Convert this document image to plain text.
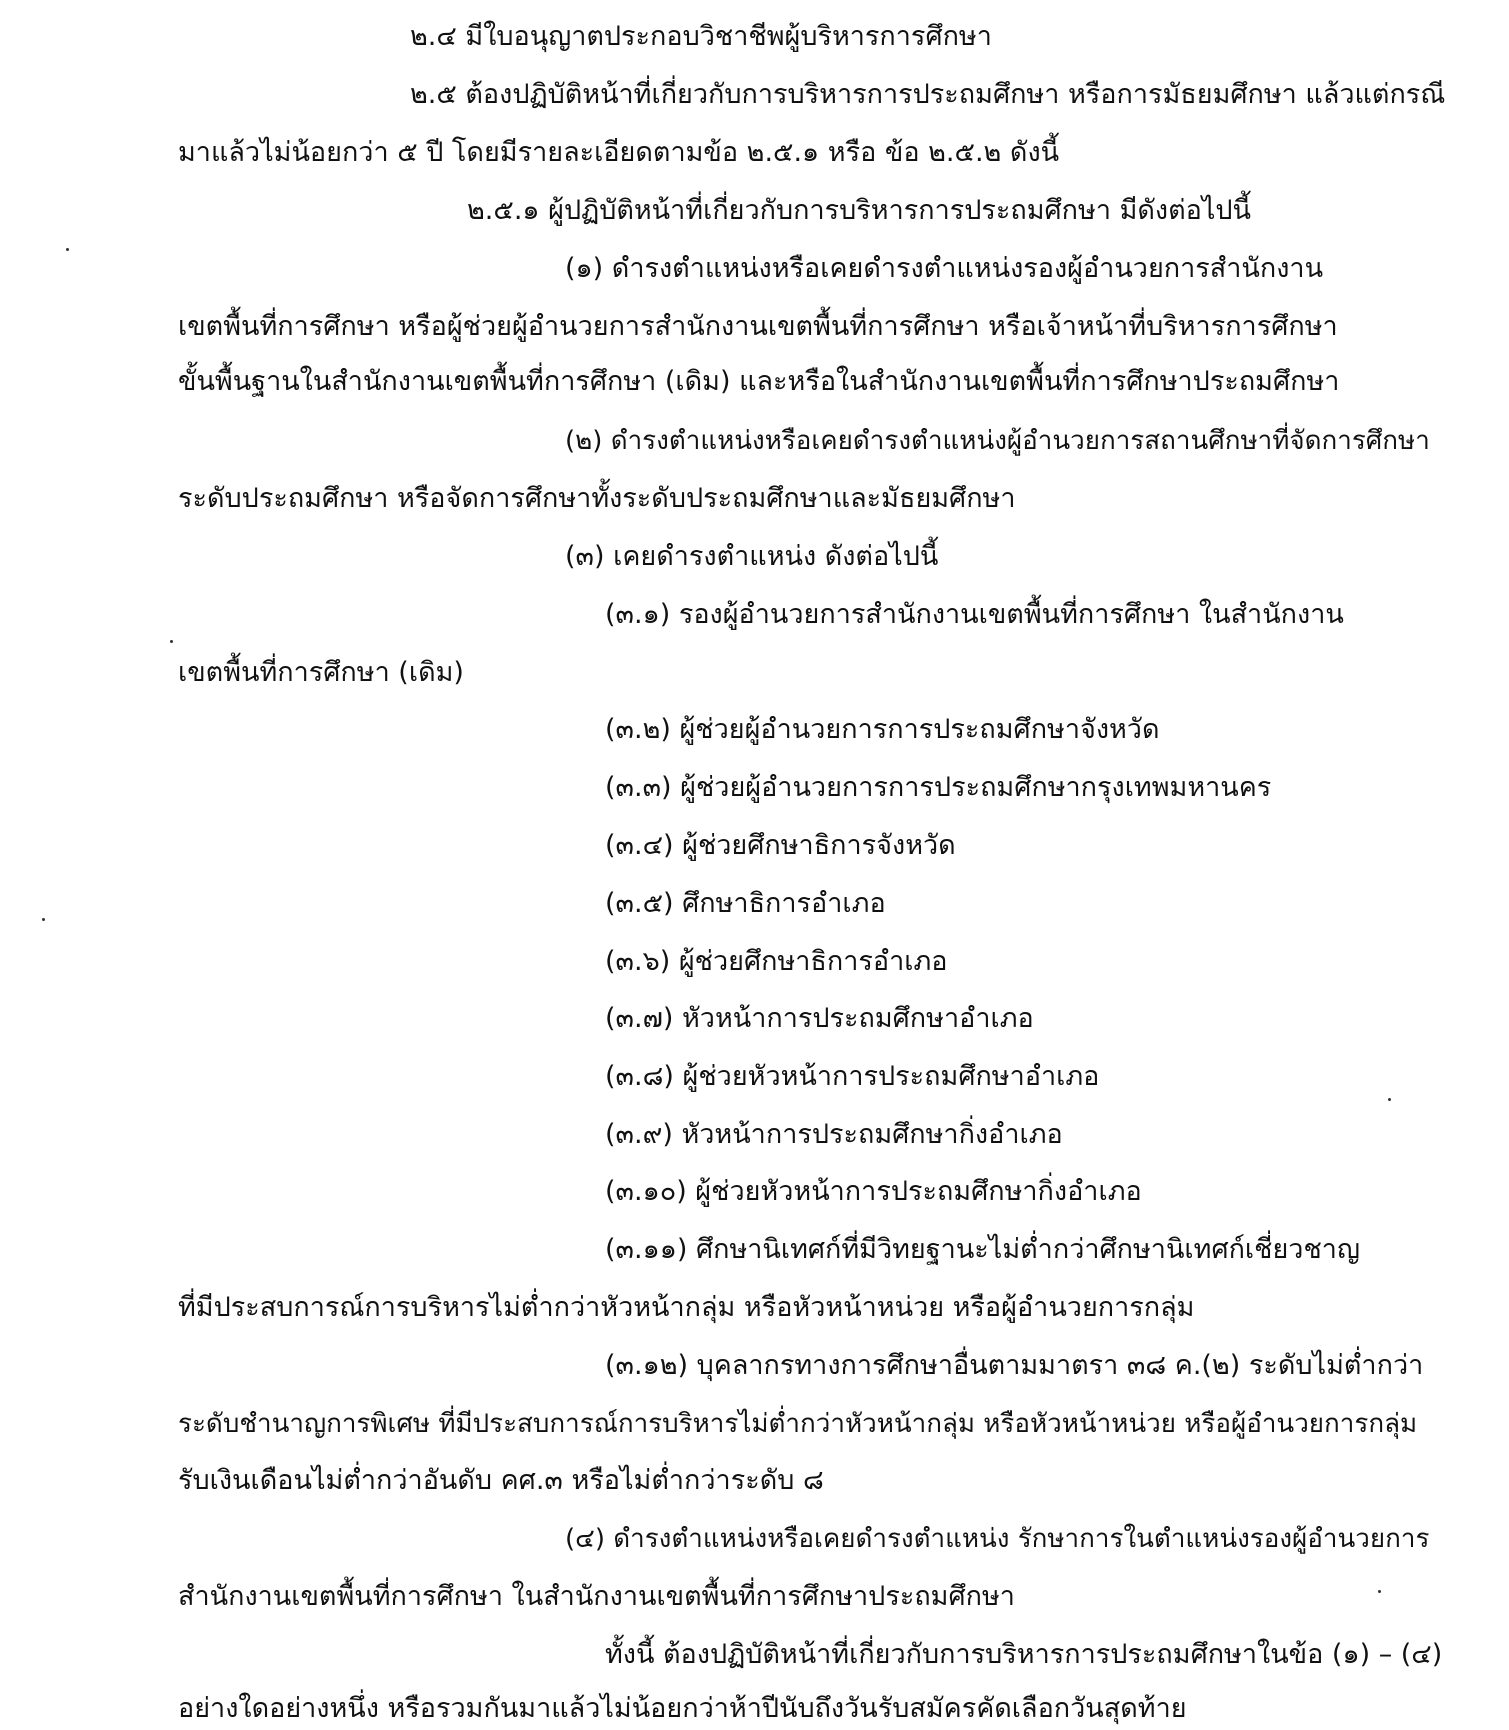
๒.๔ มีใบอนุญาตประกอบวิชาชีพผู้บริหารการศึกษา
๒.๕ ต้องปฏิบัติหน้าที่เกี่ยวกับการบริหารการประถมศึกษา หรือการมัธยมศึกษา แล้วแต่กรณี
มาแล้วไม่น้อยกว่า ๕ ปี โดยมีรายละเอียดตามข้อ ๒.๕.๑ หรือ ข้อ ๒.๕.๒ ดังนี้
๒.๕.๑ ผู้ปฏิบัติหน้าที่เกี่ยวกับการบริหารการประถมศึกษา มีดังต่อไปนี้
(๑) ดำรงตำแหน่งหรือเคยดำรงตำแหน่งรองผู้อำนวยการสำนักงาน
เขตพื้นที่การศึกษา หรือผู้ช่วยผู้อำนวยการสำนักงานเขตพื้นที่การศึกษา หรือเจ้าหน้าที่บริหารการศึกษา
ขั้นพื้นฐานในสำนักงานเขตพื้นที่การศึกษา (เดิม) และหรือในสำนักงานเขตพื้นที่การศึกษาประถมศึกษา
(๒) ดำรงตำแหน่งหรือเคยดำรงตำแหน่งผู้อำนวยการสถานศึกษาที่จัดการศึกษา
ระดับประถมศึกษา หรือจัดการศึกษาทั้งระดับประถมศึกษาและมัธยมศึกษา
(๓) เคยดำรงตำแหน่ง ดังต่อไปนี้
(๓.๑) รองผู้อำนวยการสำนักงานเขตพื้นที่การศึกษา ในสำนักงาน
เขตพื้นที่การศึกษา (เดิม)
(๓.๒) ผู้ช่วยผู้อำนวยการการประถมศึกษาจังหวัด
(๓.๓) ผู้ช่วยผู้อำนวยการการประถมศึกษากรุงเทพมหานคร
(๓.๔) ผู้ช่วยศึกษาธิการจังหวัด
(๓.๕) ศึกษาธิการอำเภอ
(๓.๖) ผู้ช่วยศึกษาธิการอำเภอ
(๓.๗) หัวหน้าการประถมศึกษาอำเภอ
(๓.๘) ผู้ช่วยหัวหน้าการประถมศึกษาอำเภอ
(๓.๙) หัวหน้าการประถมศึกษากิ่งอำเภอ
(๓.๑๐) ผู้ช่วยหัวหน้าการประถมศึกษากิ่งอำเภอ
(๓.๑๑) ศึกษานิเทศก์ที่มีวิทยฐานะไม่ต่ำกว่าศึกษานิเทศก์เชี่ยวชาญ
ที่มีประสบการณ์การบริหารไม่ต่ำกว่าหัวหน้ากลุ่ม หรือหัวหน้าหน่วย หรือผู้อำนวยการกลุ่ม
(๓.๑๒) บุคลากรทางการศึกษาอื่นตามมาตรา ๓๘ ค.(๒) ระดับไม่ต่ำกว่า
ระดับชำนาญการพิเศษ ที่มีประสบการณ์การบริหารไม่ต่ำกว่าหัวหน้ากลุ่ม หรือหัวหน้าหน่วย หรือผู้อำนวยการกลุ่ม
รับเงินเดือนไม่ต่ำกว่าอันดับ คศ.๓ หรือไม่ต่ำกว่าระดับ ๘
(๔) ดำรงตำแหน่งหรือเคยดำรงตำแหน่ง รักษาการในตำแหน่งรองผู้อำนวยการ
สำนักงานเขตพื้นที่การศึกษา ในสำนักงานเขตพื้นที่การศึกษาประถมศึกษา
ทั้งนี้ ต้องปฏิบัติหน้าที่เกี่ยวกับการบริหารการประถมศึกษาในข้อ (๑) – (๔)
อย่างใดอย่างหนึ่ง หรือรวมกันมาแล้วไม่น้อยกว่าห้าปีนับถึงวันรับสมัครคัดเลือกวันสุดท้าย
